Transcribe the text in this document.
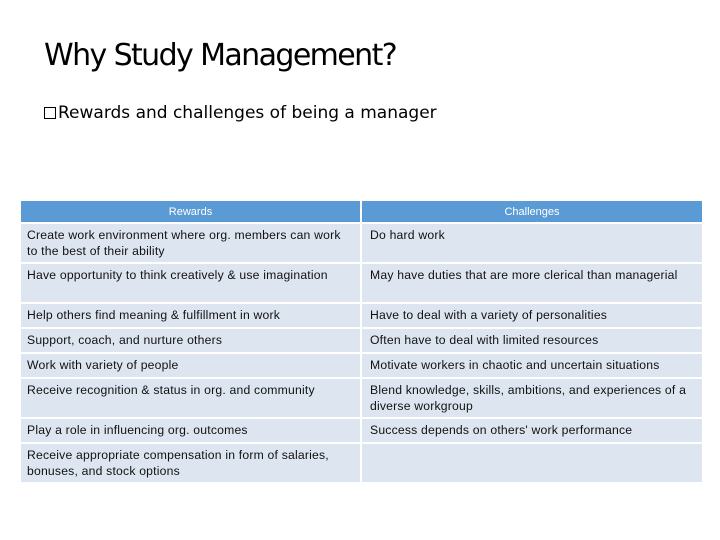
Why Study Management?
Rewards and challenges of being a manager
Rewards	Challenges
Create work environment where org. members can work to the best of their ability	Do hard work
Have opportunity to think creatively & use imagination	May have duties that are more clerical than managerial
Help others find meaning & fulfillment in work	Have to deal with a variety of personalities
Support, coach, and nurture others	Often have to deal with limited resources
Work with variety of people	Motivate workers in chaotic and uncertain situations
Receive recognition & status in org. and community	Blend knowledge, skills, ambitions, and experiences of a diverse workgroup
Play a role in influencing org. outcomes	Success depends on others' work performance
Receive appropriate compensation in form of salaries, bonuses, and stock options	
